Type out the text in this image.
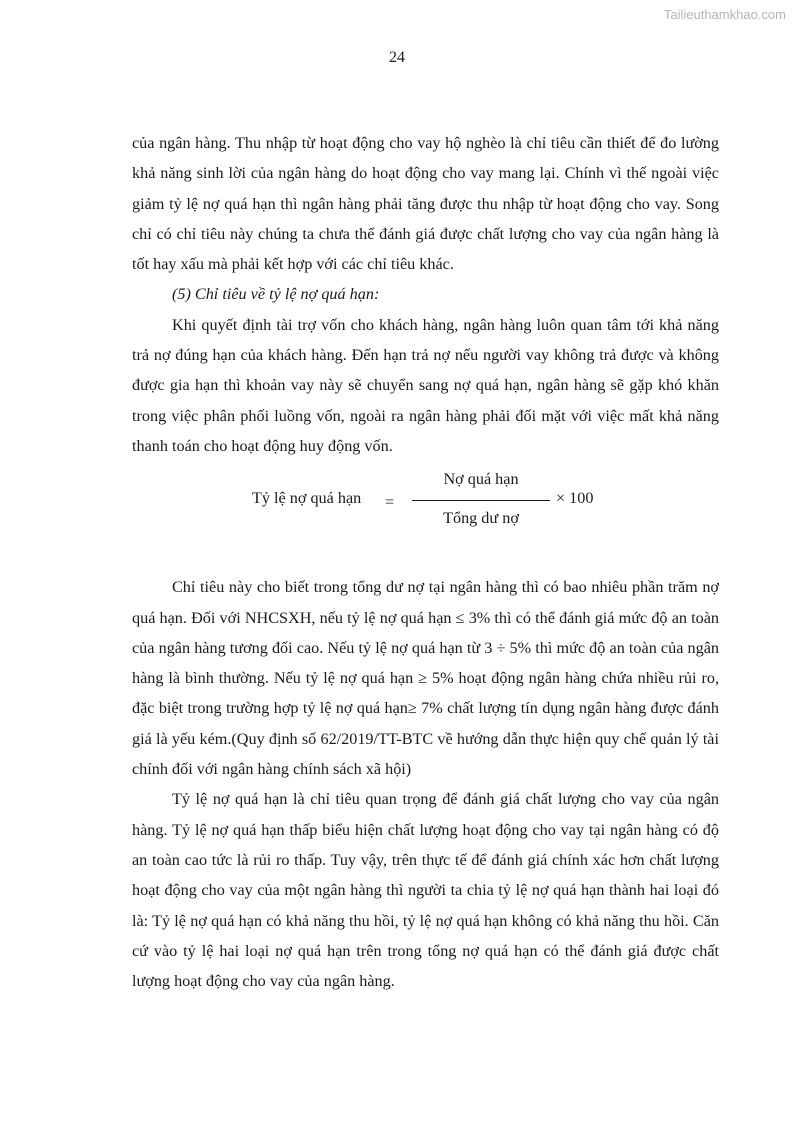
Tailieuthamkhao.com
24

của ngân hàng. Thu nhập từ hoạt động cho vay hộ nghèo là chỉ tiêu cần thiết để đo lường khả năng sinh lời của ngân hàng do hoạt động cho vay mang lại. Chính vì thế ngoài việc giảm tỷ lệ nợ quá hạn thì ngân hàng phải tăng được thu nhập từ hoạt động cho vay. Song chỉ có chỉ tiêu này chúng ta chưa thể đánh giá được chất lượng cho vay của ngân hàng là tốt hay xấu mà phải kết hợp với các chỉ tiêu khác.

(5) Chỉ tiêu về tỷ lệ nợ quá hạn:

Khi quyết định tài trợ vốn cho khách hàng, ngân hàng luôn quan tâm tới khả năng trả nợ đúng hạn của khách hàng. Đến hạn trả nợ nếu người vay không trả được và không được gia hạn thì khoản vay này sẽ chuyển sang nợ quá hạn, ngân hàng sẽ gặp khó khăn trong việc phân phối luồng vốn, ngoài ra ngân hàng phải đối mặt với việc mất khả năng thanh toán cho hoạt động huy động vốn.

Tỷ lệ nợ quá hạn =
Nợ quá hạn
Tổng dư nợ
× 100

Chỉ tiêu này cho biết trong tổng dư nợ tại ngân hàng thì có bao nhiêu phần trăm nợ quá hạn. Đối với NHCSXH, nếu tỷ lệ nợ quá hạn ≤ 3% thì có thể đánh giá mức độ an toàn của ngân hàng tương đối cao. Nếu tỷ lệ nợ quá hạn từ 3 ÷ 5% thì mức độ an toàn của ngân hàng là bình thường. Nếu tỷ lệ nợ quá hạn ≥ 5% hoạt động ngân hàng chứa nhiều rủi ro, đặc biệt trong trường hợp tỷ lệ nợ quá hạn≥ 7% chất lượng tín dụng ngân hàng được đánh giá là yếu kém.(Quy định số 62/2019/TT-BTC về hướng dẫn thực hiện quy chế quản lý tài chính đối với ngân hàng chính sách xã hội)

Tỷ lệ nợ quá hạn là chỉ tiêu quan trọng để đánh giá chất lượng cho vay của ngân hàng. Tỷ lệ nợ quá hạn thấp biểu hiện chất lượng hoạt động cho vay tại ngân hàng có độ an toàn cao tức là rủi ro thấp. Tuy vậy, trên thực tế để đánh giá chính xác hơn chất lượng hoạt động cho vay của một ngân hàng thì người ta chia tỷ lệ nợ quá hạn thành hai loại đó là: Tỷ lệ nợ quá hạn có khả năng thu hồi, tỷ lệ nợ quá hạn không có khả năng thu hồi. Căn cứ vào tỷ lệ hai loại nợ quá hạn trên trong tổng nợ quá hạn có thể đánh giá được chất lượng hoạt động cho vay của ngân hàng.
